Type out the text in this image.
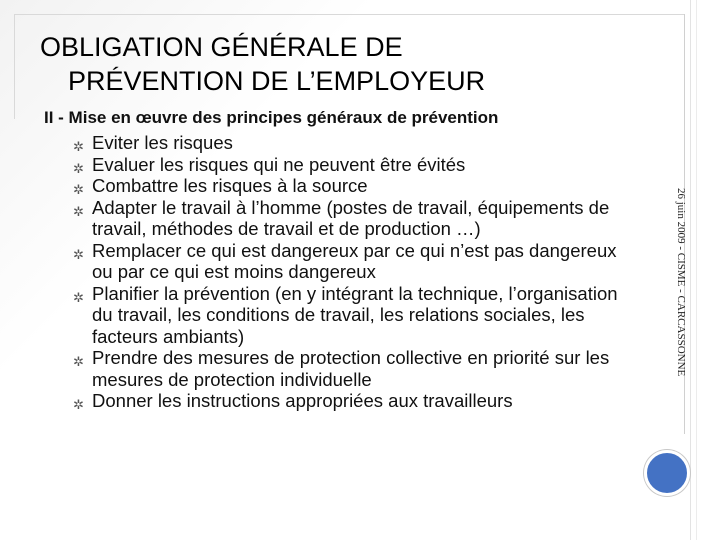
OBLIGATION GÉNÉRALE DE
PRÉVENTION DE L’EMPLOYEUR
II - Mise en œuvre des principes généraux de prévention
✲ Eviter les risques
✲ Evaluer les risques qui ne peuvent être évités
✲ Combattre les risques à la source
✲ Adapter le travail à l’homme (postes de travail, équipements de travail, méthodes de travail et de production …)
✲ Remplacer ce qui est dangereux par ce qui n’est pas dangereux ou par ce qui est moins dangereux
✲ Planifier la prévention (en y intégrant la technique, l’organisation du travail, les conditions de travail, les relations sociales, les facteurs ambiants)
✲ Prendre des mesures de protection collective en priorité sur les mesures de protection individuelle
✲ Donner les instructions appropriées aux travailleurs
26 juin 2009 - CISME - CARCASSONNE
